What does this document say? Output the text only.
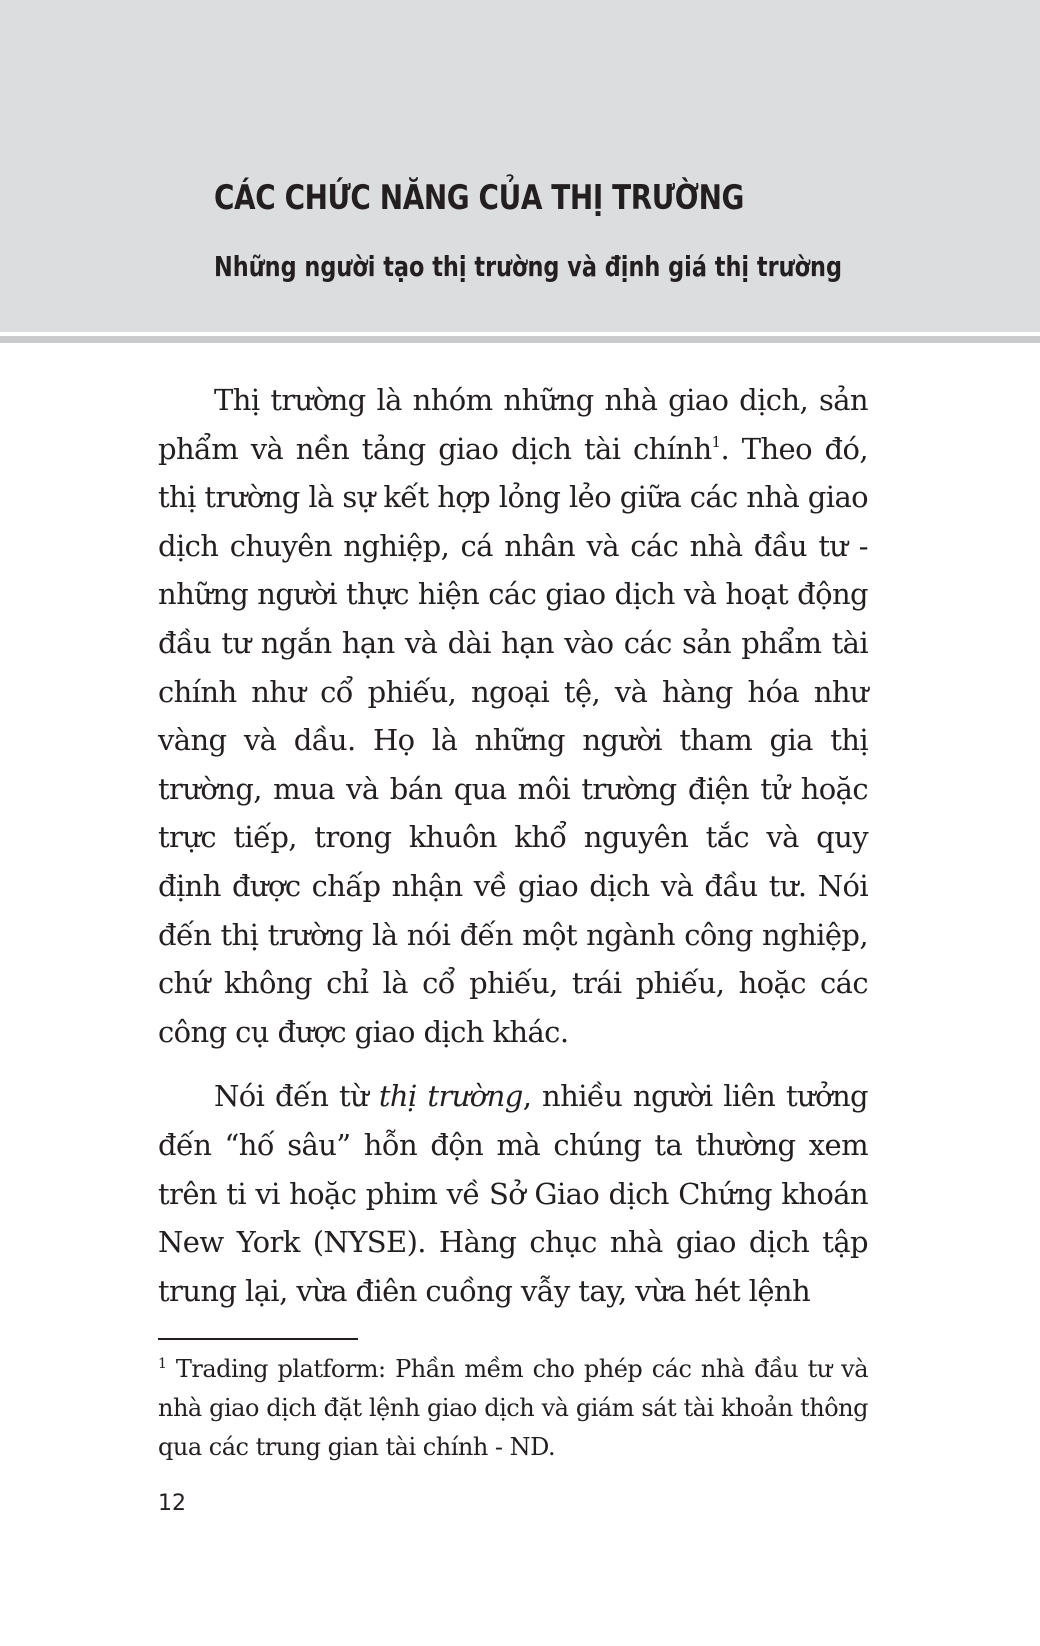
CÁC CHỨC NĂNG CỦA THỊ TRƯỜNG
Những người tạo thị trường và định giá thị trường

Thị trường là nhóm những nhà giao dịch, sản phẩm và nền tảng giao dịch tài chính$^1$. Theo đó, thị trường là sự kết hợp lỏng lẻo giữa các nhà giao dịch chuyên nghiệp, cá nhân và các nhà đầu tư - những người thực hiện các giao dịch và hoạt động đầu tư ngắn hạn và dài hạn vào các sản phẩm tài chính như cổ phiếu, ngoại tệ, và hàng hóa như vàng và dầu. Họ là những người tham gia thị trường, mua và bán qua môi trường điện tử hoặc trực tiếp, trong khuôn khổ nguyên tắc và quy định được chấp nhận về giao dịch và đầu tư. Nói đến thị trường là nói đến một ngành công nghiệp, chứ không chỉ là cổ phiếu, trái phiếu, hoặc các công cụ được giao dịch khác.

Nói đến từ thị trường, nhiều người liên tưởng đến “hố sâu” hỗn độn mà chúng ta thường xem trên ti vi hoặc phim về Sở Giao dịch Chứng khoán New York (NYSE). Hàng chục nhà giao dịch tập trung lại, vừa điên cuồng vẫy tay, vừa hét lệnh

$^1$ Trading platform: Phần mềm cho phép các nhà đầu tư và nhà giao dịch đặt lệnh giao dịch và giám sát tài khoản thông qua các trung gian tài chính - ND.

12
